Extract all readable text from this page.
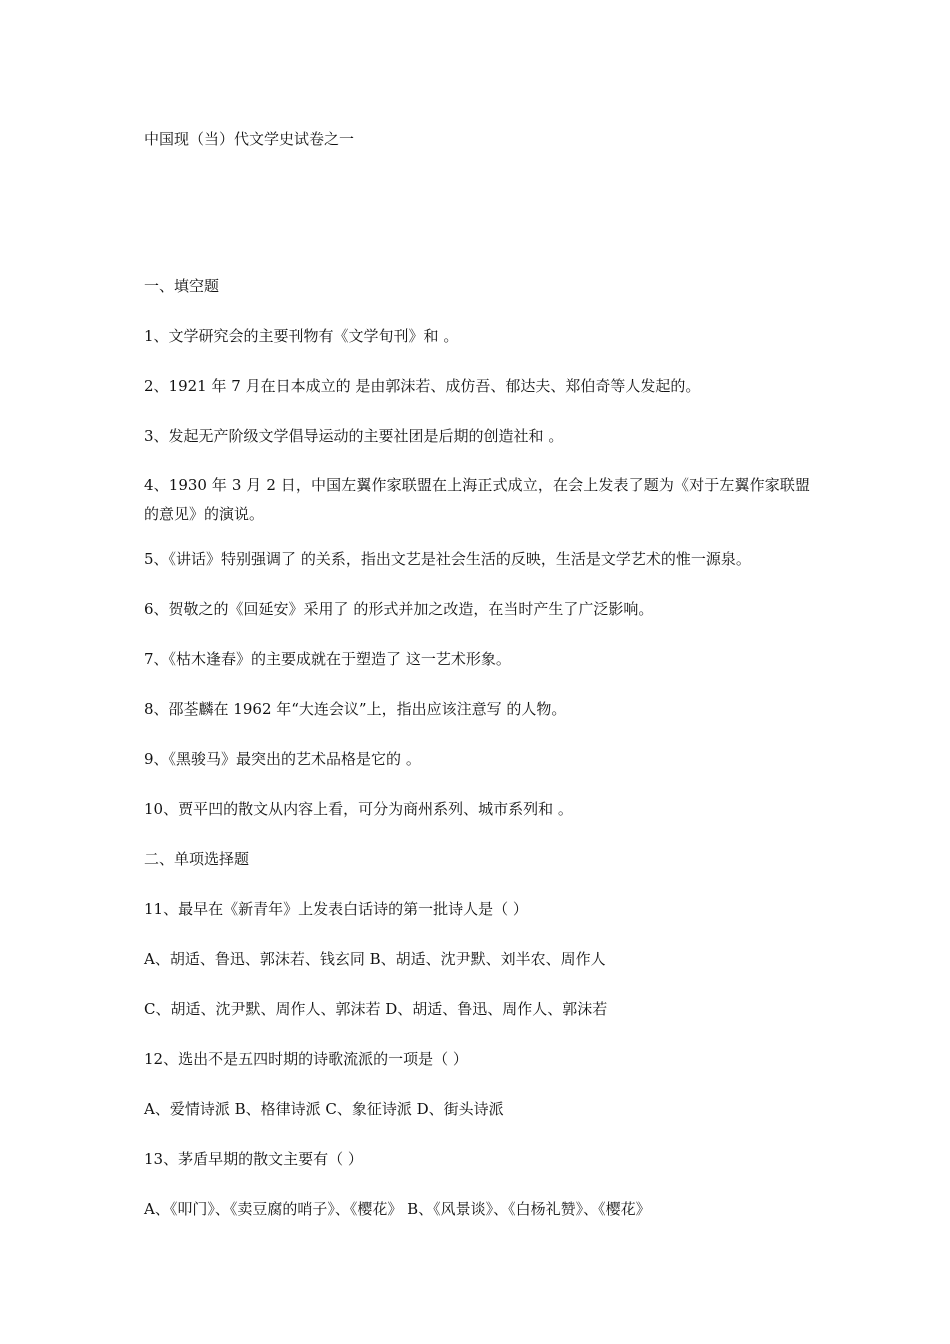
中国现（当）代文学史试卷之一
一、填空题
1、文学研究会的主要刊物有《文学旬刊》和 。
2、1921 年 7 月在日本成立的 是由郭沫若、成仿吾、郁达夫、郑伯奇等人发起的。
3、发起无产阶级文学倡导运动的主要社团是后期的创造社和 。
4、1930 年 3 月 2 日，中国左翼作家联盟在上海正式成立，在会上发表了题为《对于左翼作家联盟的意见》的演说。
5、《讲话》特别强调了 的关系，指出文艺是社会生活的反映，生活是文学艺术的惟一源泉。
6、贺敬之的《回延安》采用了 的形式并加之改造，在当时产生了广泛影响。
7、《枯木逢春》的主要成就在于塑造了 这一艺术形象。
8、邵荃麟在 1962 年“大连会议”上，指出应该注意写 的人物。
9、《黑骏马》最突出的艺术品格是它的 。
10、贾平凹的散文从内容上看，可分为商州系列、城市系列和 。
二、单项选择题
11、最早在《新青年》上发表白话诗的第一批诗人是（ ）
A、胡适、鲁迅、郭沫若、钱玄同 B、胡适、沈尹默、刘半农、周作人
C、胡适、沈尹默、周作人、郭沫若 D、胡适、鲁迅、周作人、郭沫若
12、选出不是五四时期的诗歌流派的一项是（ ）
A、爱情诗派 B、格律诗派 C、象征诗派 D、街头诗派
13、茅盾早期的散文主要有（ ）
A、《叩门》、《卖豆腐的哨子》、《樱花》 B、《风景谈》、《白杨礼赞》、《樱花》
